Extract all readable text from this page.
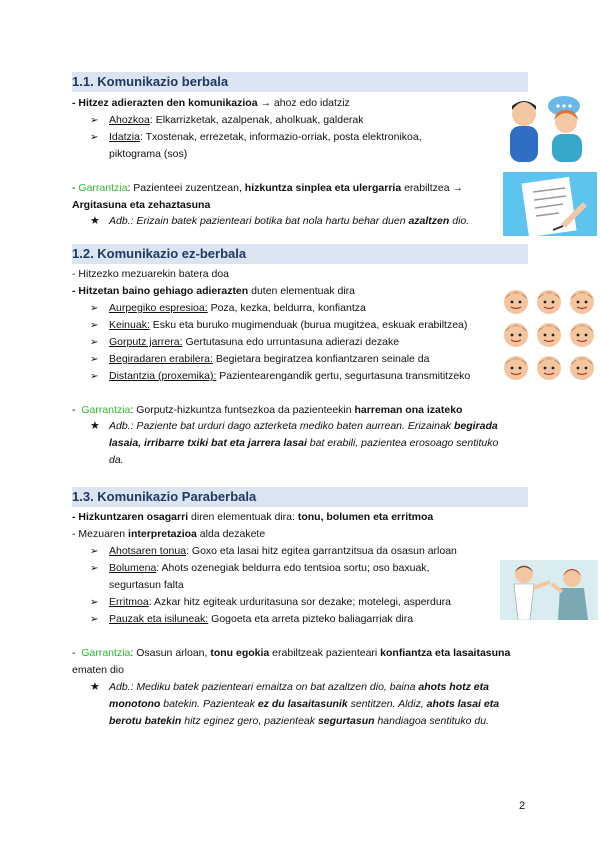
1.1. Komunikazio berbala
- Hitzez adierazten den komunikazioa → ahoz edo idatziz
➢ Ahozkoa: Elkarrizketak, azalpenak, aholkuak, galderak
➢ Idatzia: Txostenak, errezetak, informazio-orriak, posta elektronikoa,
piktograma (sos)
- Garrantzia: Pazienteei zuzentzean, hizkuntza sinplea eta ulergarria erabiltzea →
Argitasuna eta zehaztasuna
★ Adb.: Erizain batek pazienteari botika bat nola hartu behar duen azaltzen dio.
1.2. Komunikazio ez-berbala
- Hitzezko mezuarekin batera doa
- Hitzetan baino gehiago adierazten duten elementuak dira
➢ Aurpegiko espresioa: Poza, kezka, beldurra, konfiantza
➢ Keinuak: Esku eta buruko mugimenduak (burua mugitzea, eskuak erabiltzea)
➢ Gorputz jarrera: Gertutasuna edo urruntasuna adierazi dezake
➢ Begiradaren erabilera: Begietara begiratzea konfiantzaren seinale da
➢ Distantzia (proxemika): Pazientearengandik gertu, segurtasuna transmititzeko
-  Garrantzia: Gorputz-hizkuntza funtsezkoa da pazienteekin harreman ona izateko
★ Adb.: Paziente bat urduri dago azterketa mediko baten aurrean. Erizainak begirada
lasaia, irribarre txiki bat eta jarrera lasai bat erabili, pazientea erosoago sentituko
da.
1.3. Komunikazio Paraberbala
- Hizkuntzaren osagarri diren elementuak dira: tonu, bolumen eta erritmoa
- Mezuaren interpretazioa alda dezakete
➢ Ahotsaren tonua: Goxo eta lasai hitz egitea garrantzitsua da osasun arloan
➢ Bolumena: Ahots ozenegiak beldurra edo tentsioa sortu; oso baxuak,
segurtasun falta
➢ Erritmoa: Azkar hitz egiteak urduritasuna sor dezake; motelegi, asperdura
➢ Pauzak eta isiluneak: Gogoeta eta arreta pizteko baliagarriak dira
-  Garrantzia: Osasun arloan, tonu egokia erabiltzeak pazienteari konfiantza eta lasaitasuna
ematen dio
★ Adb.: Mediku batek pazienteari emaitza on bat azaltzen dio, baina ahots hotz eta
monotono batekin. Pazienteak ez du lasaitasunik sentitzen. Aldiz, ahots lasai eta
berotu batekin hitz eginez gero, pazienteak segurtasun handiagoa sentituko du.
2
